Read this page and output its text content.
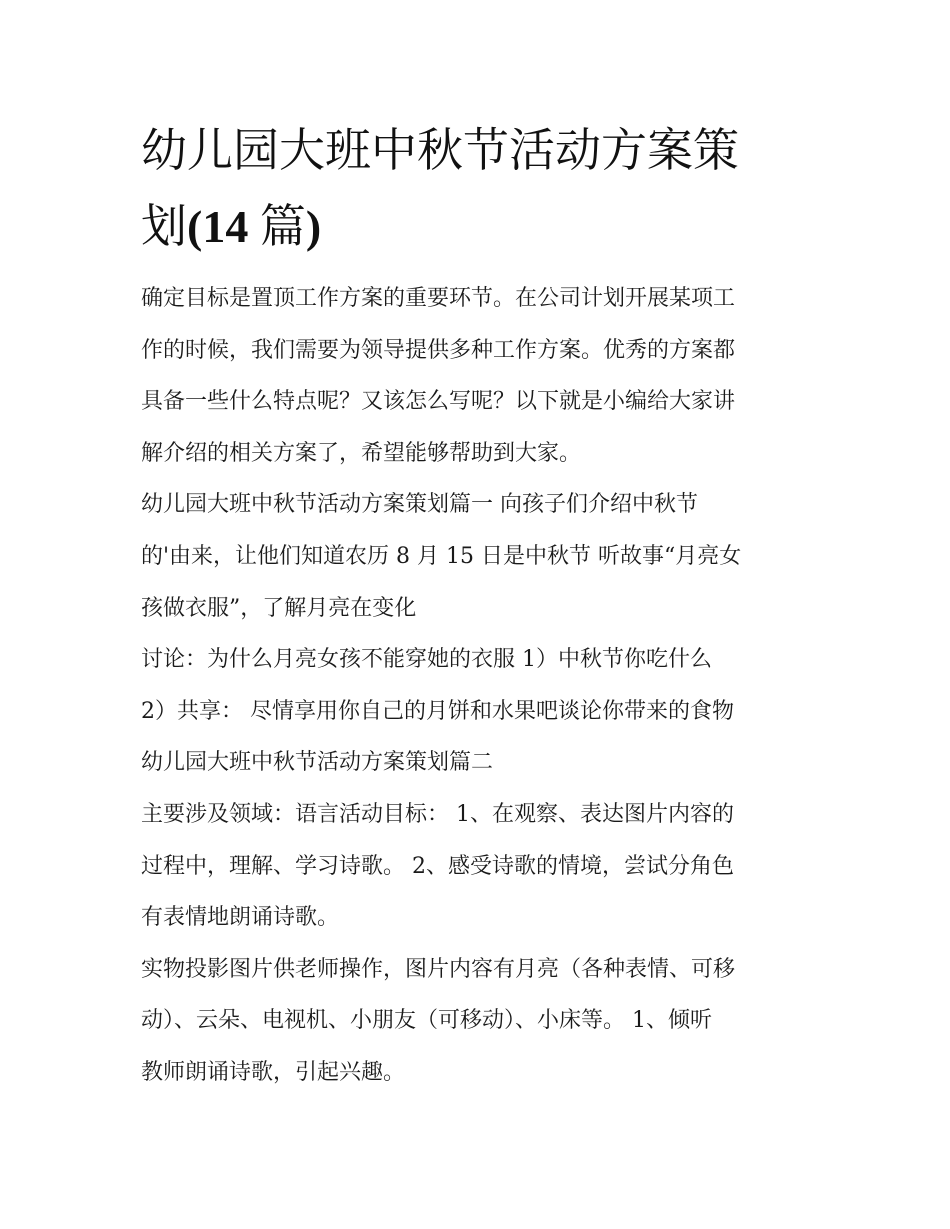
幼儿园大班中秋节活动方案策
划(14 篇)

确定目标是置顶工作方案的重要环节。在公司计划开展某项工
作的时候，我们需要为领导提供多种工作方案。优秀的方案都
具备一些什么特点呢？又该怎么写呢？以下就是小编给大家讲
解介绍的相关方案了，希望能够帮助到大家。

幼儿园大班中秋节活动方案策划篇一 向孩子们介绍中秋节
的'由来，让他们知道农历 8 月 15 日是中秋节 听故事“月亮女
孩做衣服”，了解月亮在变化

讨论：为什么月亮女孩不能穿她的衣服 1）中秋节你吃什么
2）共享： 尽情享用你自己的月饼和水果吧谈论你带来的食物
幼儿园大班中秋节活动方案策划篇二

主要涉及领域：语言活动目标： 1、在观察、表达图片内容的
过程中，理解、学习诗歌。 2、感受诗歌的情境，尝试分角色
有表情地朗诵诗歌。

实物投影图片供老师操作，图片内容有月亮（各种表情、可移
动）、云朵、电视机、小朋友（可移动）、小床等。 1、倾听
教师朗诵诗歌，引起兴趣。
